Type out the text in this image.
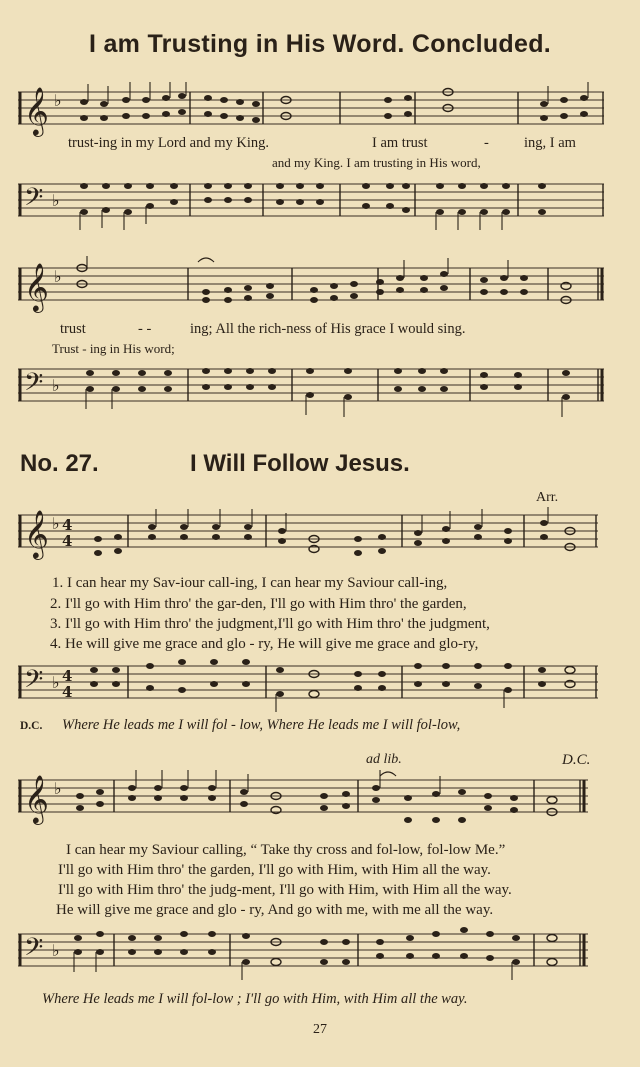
I am Trusting in His Word. Concluded.
𝄞 ♭
trust-ing in my Lord and my King.	I am trust	- ing, I am
and my King. I am trusting in His word,
𝄢 ♭
𝄞 ♭
trust	- -	ing; All the rich-ness of His grace I would sing.
Trust - ing in His word;
𝄢 ♭
No. 27.	I Will Follow Jesus.
Arr.
𝄞 ♭ 4
4
1. I can hear my Sav-iour call-ing, I can hear my Saviour call-ing,
2. I'll go with Him thro' the gar-den, I'll go with Him thro' the garden,
3. I'll go with Him thro' the judgment,I'll go with Him thro' the judgment,
4. He will give me grace and glo - ry, He will give me grace and glo-ry,
𝄢 ♭ 4
4
D.C. Where He leads me I will fol - low, Where He leads me I will fol-low,
ad lib.	D.C.
𝄞 ♭
I can hear my Saviour calling, “ Take thy cross and fol-low, fol-low Me.”
I'll go with Him thro' the garden, I'll go with Him, with Him all the way.
I'll go with Him thro' the judg-ment, I'll go with Him, with Him all the way.
He will give me grace and glo - ry, And go with me, with me all the way.
𝄢 ♭
Where He leads me I will fol-low ; I'll go with Him, with Him all the way.
27
